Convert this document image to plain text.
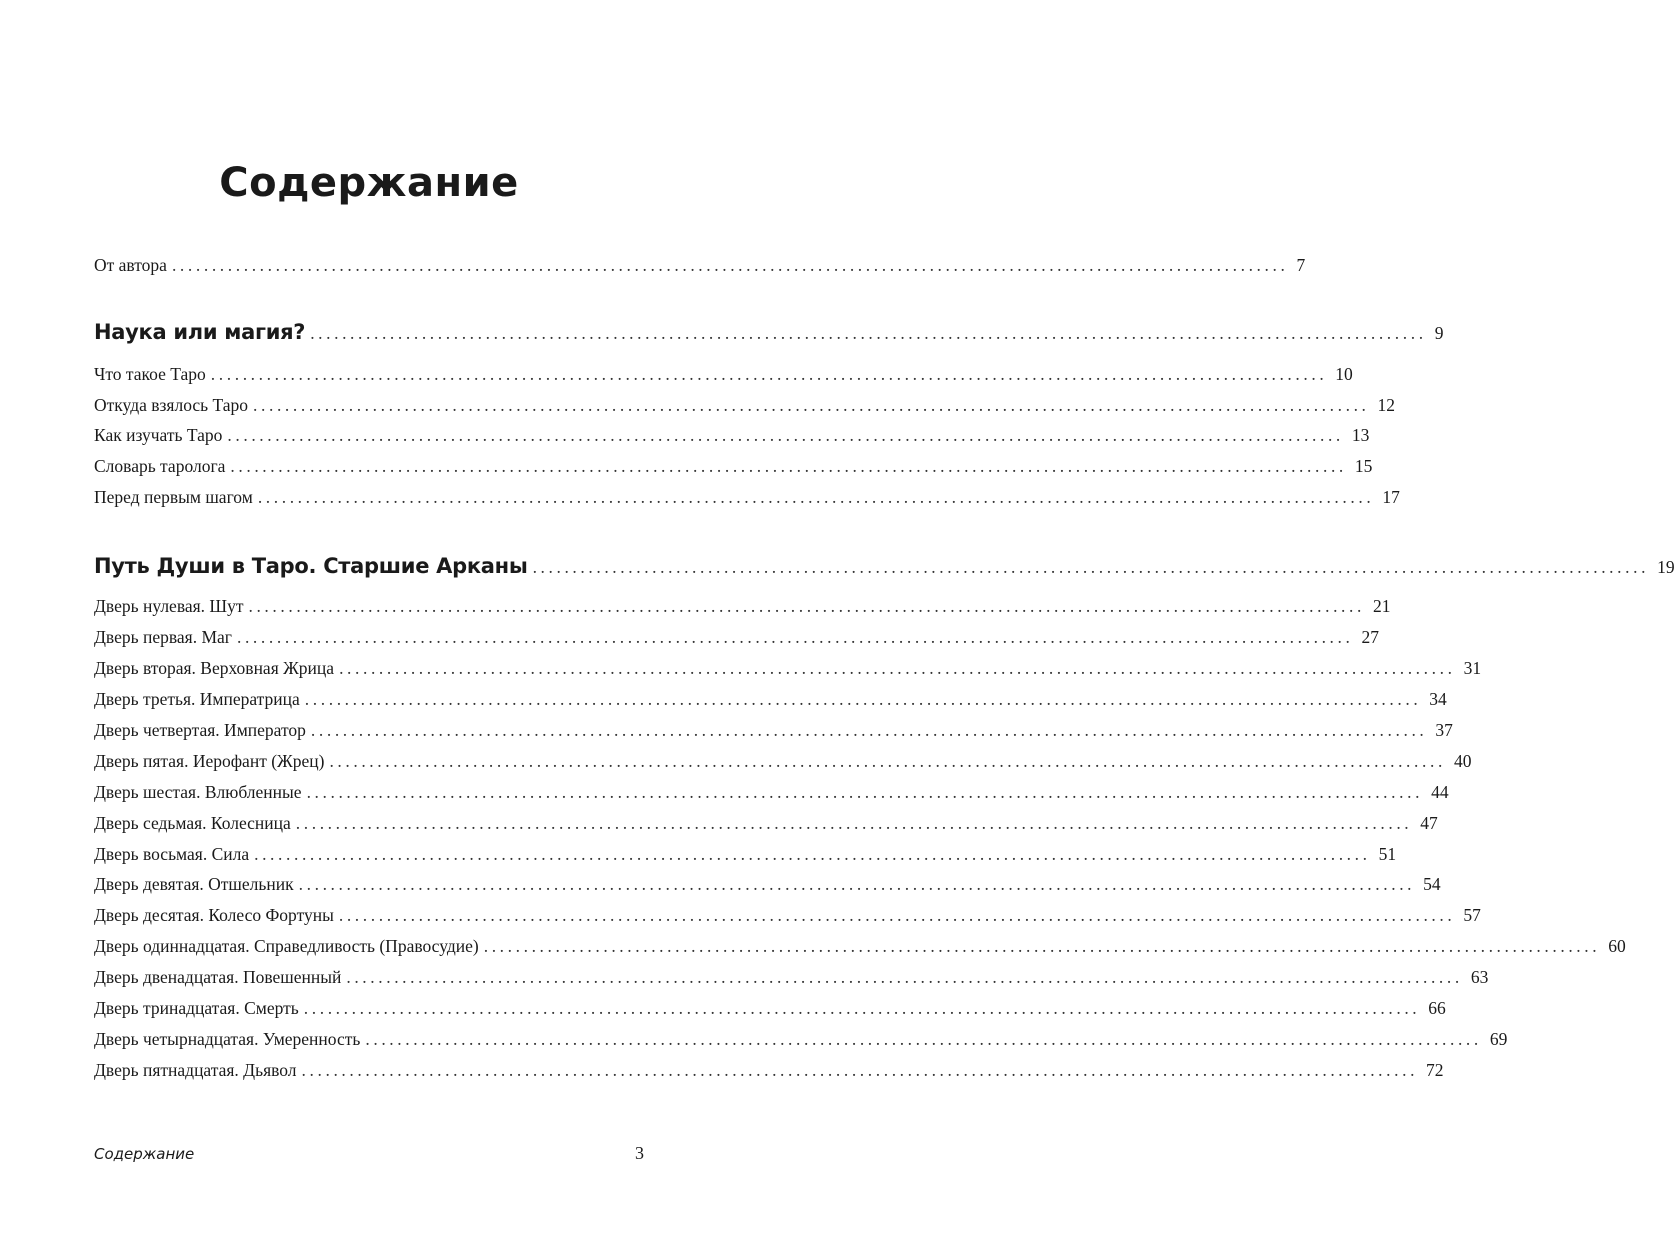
Содержание
От автора ............................................................................................................................................ 7
Наука или магия? ............................................................................................................................................ 9
Что такое Таро ............................................................................................................................................ 10
Откуда взялось Таро ............................................................................................................................................ 12
Как изучать Таро ............................................................................................................................................ 13
Словарь таролога ............................................................................................................................................ 15
Перед первым шагом ............................................................................................................................................ 17
Путь Души в Таро. Старшие Арканы ............................................................................................................................................ 19
Дверь нулевая. Шут ............................................................................................................................................ 21
Дверь первая. Маг ............................................................................................................................................ 27
Дверь вторая. Верховная Жрица ............................................................................................................................................ 31
Дверь третья. Императрица ............................................................................................................................................ 34
Дверь четвертая. Император ............................................................................................................................................ 37
Дверь пятая. Иерофант (Жрец) ............................................................................................................................................ 40
Дверь шестая. Влюбленные ............................................................................................................................................ 44
Дверь седьмая. Колесница ............................................................................................................................................ 47
Дверь восьмая. Сила ............................................................................................................................................ 51
Дверь девятая. Отшельник ............................................................................................................................................ 54
Дверь десятая. Колесо Фортуны ............................................................................................................................................ 57
Дверь одиннадцатая. Справедливость (Правосудие) ............................................................................................................................................ 60
Дверь двенадцатая. Повешенный ............................................................................................................................................ 63
Дверь тринадцатая. Смерть ............................................................................................................................................ 66
Дверь четырнадцатая. Умеренность ............................................................................................................................................ 69
Дверь пятнадцатая. Дьявол ............................................................................................................................................ 72
Содержание	3
